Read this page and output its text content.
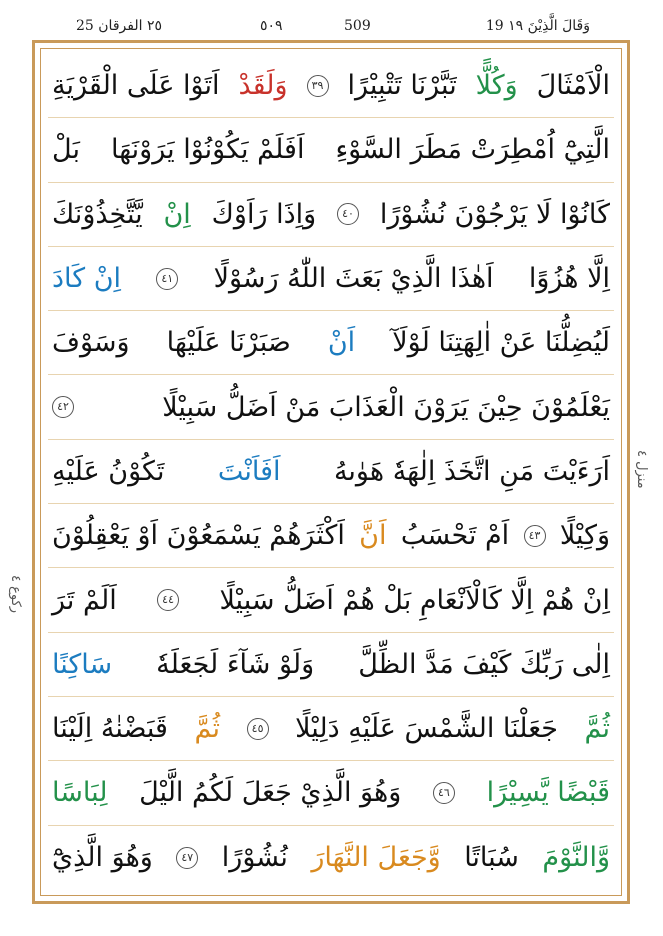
٢٥ الفرقان 25	٥٠٩	509	19 وَقَالَ الَّذِيْنَ ١٩
منزل ٤
ركوع ٤
الْاَمْثَالَ
وَكُلًّا
تَبَّرْنَا تَتْبِيْرًا
٣٩
وَلَقَدْ
اَتَوْا عَلَى الْقَرْيَةِ
الَّتِيْٓ اُمْطِرَتْ مَطَرَ السَّوْءِ
اَفَلَمْ يَكُوْنُوْا يَرَوْنَهَا
بَلْ
كَانُوْا لَا يَرْجُوْنَ نُشُوْرًا
٤٠
وَاِذَا رَاَوْكَ
اِنْ
يَّتَّخِذُوْنَكَ
اِلَّا هُزُوًا
اَهٰذَا الَّذِيْ بَعَثَ اللّٰهُ رَسُوْلًا
٤١
اِنْ كَادَ
لَيُضِلُّنَا عَنْ اٰلِهَتِنَا لَوْلَآ
اَنْ
صَبَرْنَا عَلَيْهَا
وَسَوْفَ
يَعْلَمُوْنَ حِيْنَ يَرَوْنَ الْعَذَابَ مَنْ اَضَلُّ سَبِيْلًا
٤٢
اَرَءَيْتَ مَنِ اتَّخَذَ اِلٰهَهٗ هَوٰىهُ
اَفَاَنْتَ
تَكُوْنُ عَلَيْهِ
وَكِيْلًا
٤٣
اَمْ تَحْسَبُ
اَنَّ
اَكْثَرَهُمْ يَسْمَعُوْنَ اَوْ يَعْقِلُوْنَ
اِنْ هُمْ اِلَّا كَالْاَنْعَامِ بَلْ هُمْ اَضَلُّ سَبِيْلًا
٤٤
اَلَمْ تَرَ
اِلٰى رَبِّكَ كَيْفَ مَدَّ الظِّلَّ
وَلَوْ شَآءَ لَجَعَلَهٗ
سَاكِنًا
ثُمَّ
جَعَلْنَا الشَّمْسَ عَلَيْهِ دَلِيْلًا
٤٥
ثُمَّ
قَبَضْنٰهُ اِلَيْنَا
قَبْضًا يَّسِيْرًا
٤٦
وَهُوَ الَّذِيْ جَعَلَ لَكُمُ الَّيْلَ
لِبَاسًا
وَّالنَّوْمَ
سُبَاتًا
وَّجَعَلَ النَّهَارَ
نُشُوْرًا
٤٧
وَهُوَ الَّذِيْٓ
